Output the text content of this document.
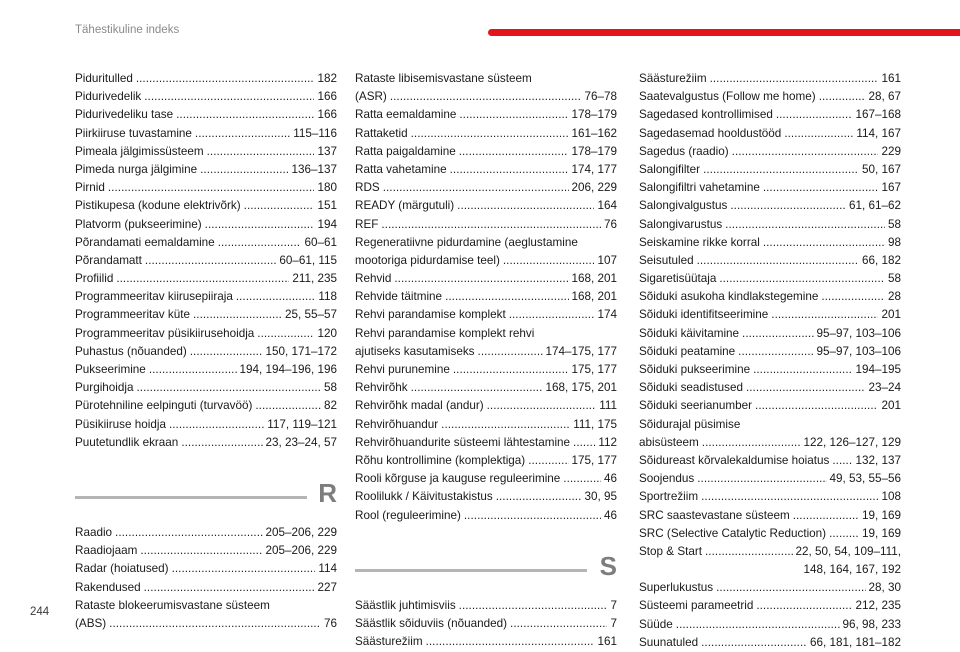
Tähestikuline indeks
Piduritulled . . .	182
Pidurivedelik . . .	166
Pidurivedeliku tase . . .	166
Piirkiiruse tuvastamine . . .	115–116
Pimeala jälgimissüsteem . . .	137
Pimeda nurga jälgimine . . .	136–137
Pirnid . . .	180
Pistikupesa (kodune elektrivõrk) . . .	151
Platvorm (pukseerimine) . . .	194
Põrandamati eemaldamine . . .	60–61
Põrandamatt . . .	60–61, 115
Profiilid . . .	211, 235
Programmeeritav kiirusepiiraja . . .	118
Programmeeritav küte . . .	25, 55–57
Programmeeritav püsikiirusehoidja . . .	120
Puhastus (nõuanded) . . .	150, 171–172
Pukseerimine . . .	194, 194–196, 196
Purgihoidja . . .	58
Pürotehniline eelpinguti (turvavöö) . . .	82
Püsikiiruse hoidja . . .	117, 119–121
Puutetundlik ekraan . . .	23, 23–24, 57
R
Raadio . . .	205–206, 229
Raadiojaam . . .	205–206, 229
Radar (hoiatused) . . .	114
Rakendused . . .	227
Rataste blokeerumisvastane süsteem
(ABS) . . .	76
Rataste libisemisvastane süsteem
(ASR) . . .	76–78
Ratta eemaldamine . . .	178–179
Rattaketid . . .	161–162
Ratta paigaldamine . . .	178–179
Ratta vahetamine . . .	174, 177
RDS . . .	206, 229
READY (märgutuli) . . .	164
REF . . .	76
Regeneratiivne pidurdamine (aeglustamine
mootoriga pidurdamise teel) . . .	107
Rehvid . . .	168, 201
Rehvide täitmine . . .	168, 201
Rehvi parandamise komplekt . . .	174
Rehvi parandamise komplekt rehvi
ajutiseks kasutamiseks . . .	174–175, 177
Rehvi purunemine . . .	175, 177
Rehvirõhk . . .	168, 175, 201
Rehvirõhk madal (andur) . . .	111
Rehvirõhuandur . . .	111, 175
Rehvirõhuandurite süsteemi lähtestamine . . . 112
Rõhu kontrollimine (komplektiga) . . .	175, 177
Rooli kõrguse ja kauguse reguleerimine . . .	46
Roolilukk / Käivitustakistus . . .	30, 95
Rool (reguleerimine) . . .	46
S
Säästlik juhtimisviis . . .	7
Säästlik sõiduviis (nõuanded) . . .	7
Säästurežiim . . .	161
Säästurežiim . . .	161
Saatevalgustus (Follow me home) . . .	28, 67
Sagedased kontrollimised . . .	167–168
Sagedasemad hooldustööd . . .	114, 167
Sagedus (raadio) . . .	229
Salongifilter . . .	50, 167
Salongifiltri vahetamine . . .	167
Salongivalgustus . . .	61, 61–62
Salongivarustus . . .	58
Seiskamine rikke korral . . .	98
Seisutuled . . .	66, 182
Sigaretisüütaja . . .	58
Sõiduki asukoha kindlakstegemine . . .	28
Sõiduki identifitseerimine . . .	201
Sõiduki käivitamine . . .	95–97, 103–106
Sõiduki peatamine . . .	95–97, 103–106
Sõiduki pukseerimine . . .	194–195
Sõiduki seadistused . . .	23–24
Sõiduki seerianumber . . .	201
Sõidurajal püsimise
abisüsteem . . .	122, 126–127, 129
Sõidureast kõrvalekaldumise hoiatus . . . 132, 137
Soojendus . . .	49, 53, 55–56
Sportrežiim . . .	108
SRC saastevastane süsteem . . .	19, 169
SRC (Selective Catalytic Reduction) . . .	19, 169
Stop & Start . . .	22, 50, 54, 109–111,
148, 164, 167, 192
Superlukustus . . .	28, 30
Süsteemi parameetrid . . .	212, 235
Süüde . . .	96, 98, 233
Suunatuled . . .	66, 181, 181–182
244
